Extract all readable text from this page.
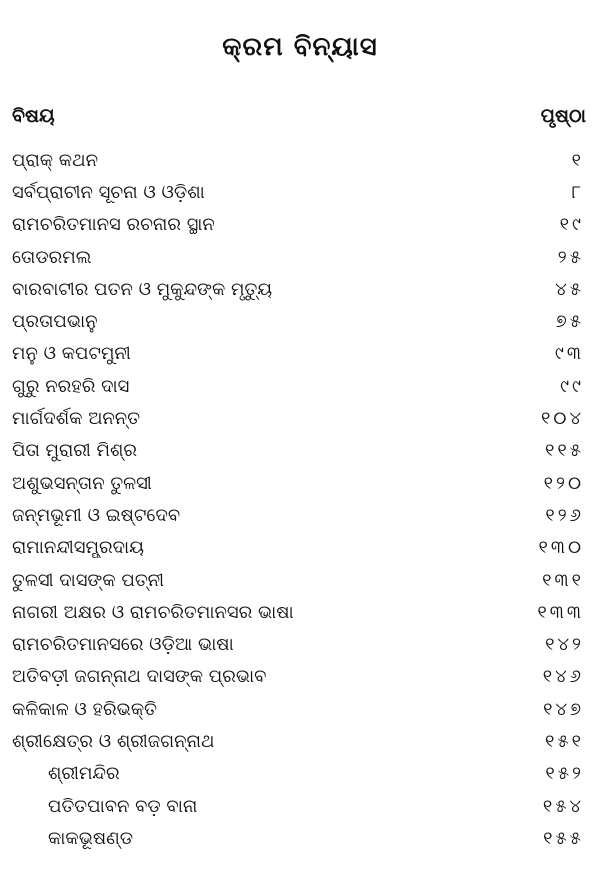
କ୍ରମ ବିନ୍ୟାସ
ବିଷୟ	ପୃଷ୍ଠା
ପ୍ରାକ୍ କଥନ	୧
ସର୍ବପ୍ରାଚୀନ ସୂଚନା ଓ ଓଡ଼ିଶା	୮
ରାମଚରିତମାନସ ରଚନାର ସ୍ଥାନ	୧୯
ତୋଡରମଲ	୨୫
ବାରବାଟୀର ପତନ ଓ ମୁକୁନ୍ଦଙ୍କ ମୃତ୍ୟୁ	୪୫
ପ୍ରତାପଭାନୁ	୭୫
ମନୁ ଓ କପଟମୁନୀ	୯୩
ଗୁରୁ ନରହରି ଦାସ	୯୯
ମାର୍ଗଦର୍ଶକ ଅନନ୍ତ	୧୦୪
ପିତା ମୁରାରୀ ମିଶ୍ର	୧୧୫
ଅଶୁଭସନ୍ତାନ ତୁଳସୀ	୧୨୦
ଜନ୍ମଭୂମୀ ଓ ଇଷ୍ଟଦେବ	୧୨୬
ରାମାନନ୍ଦୀସମ୍ପ୍ରଦାୟ	୧୩୦
ତୁଳସୀ ଦାସଙ୍କ ପତ୍ନୀ	୧୩୧
ନାଗରୀ ଅକ୍ଷର ଓ ରାମଚରିତମାନସର ଭାଷା	୧୩୩
ରାମଚରିତମାନସରେ ଓଡ଼ିଆ ଭାଷା	୧୪୨
ଅତିବଡ଼ୀ ଜଗନ୍ନାଥ ଦାସଙ୍କ ପ୍ରଭାବ	୧୪୬
କଳିକାଳ ଓ ହରିଭକ୍ତି	୧୪୭
ଶ୍ରୀକ୍ଷେତ୍ର ଓ ଶ୍ରୀଜଗନ୍ନାଥ	୧୫୧
ଶ୍ରୀମନ୍ଦିର	୧୫୨
ପତିତପାବନ ବଡ଼ ବାନା	୧୫୪
କାକଭୂଷଣ୍ଡ	୧୫୫
